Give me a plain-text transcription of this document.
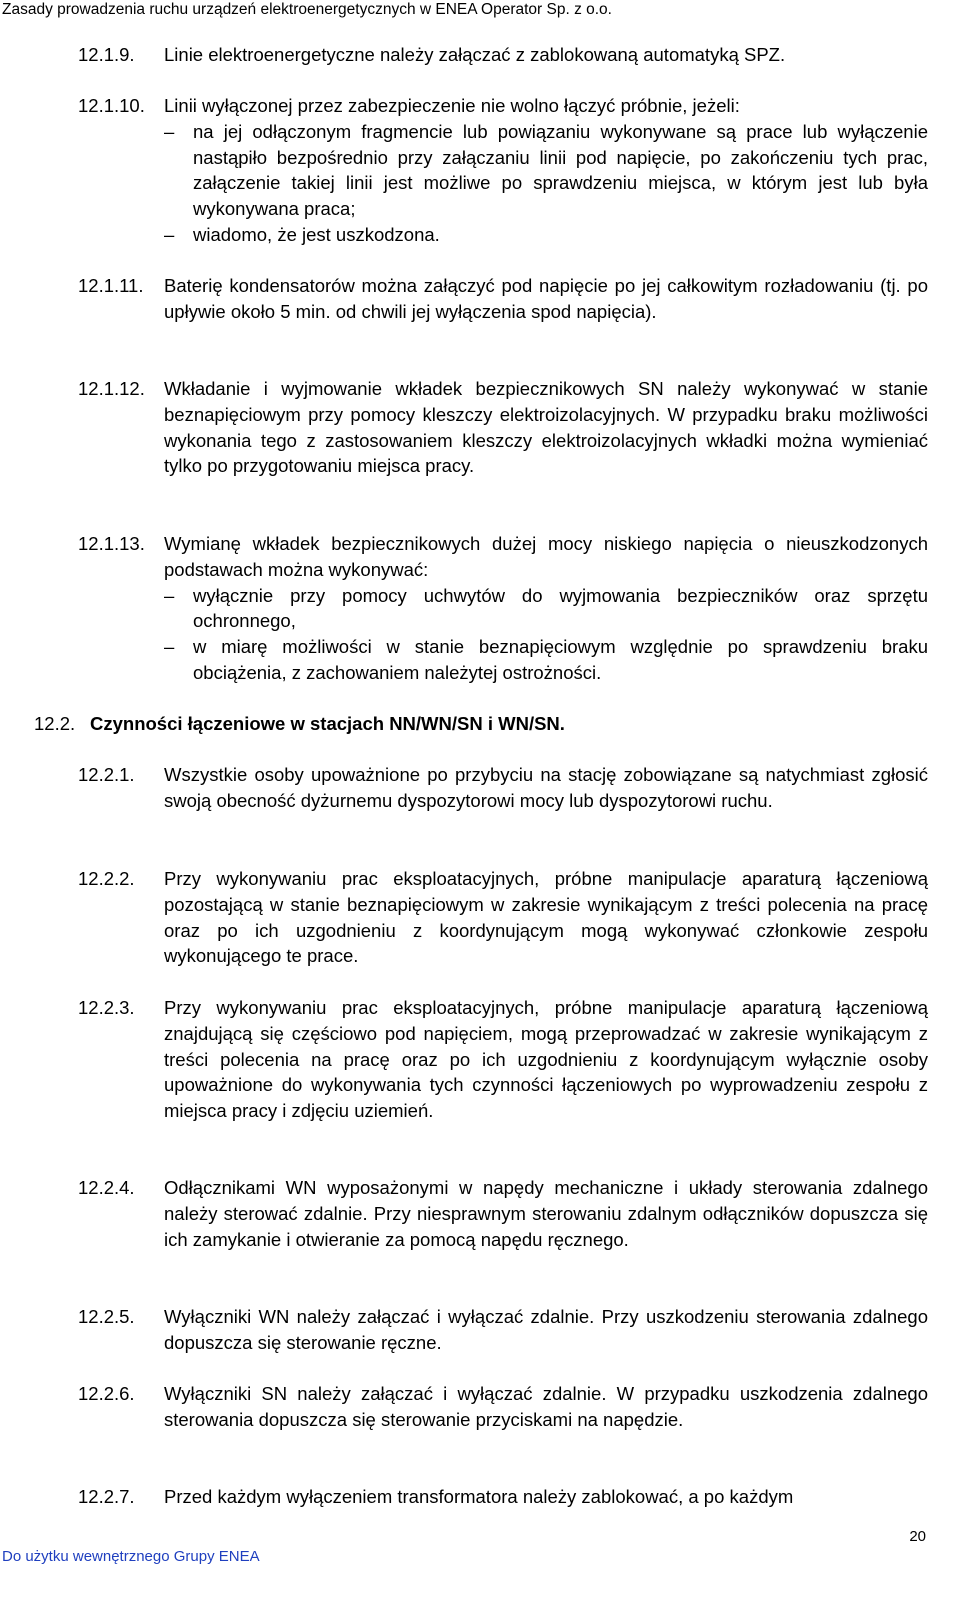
Zasady prowadzenia ruchu urządzeń elektroenergetycznych w ENEA Operator Sp. z o.o.
12.1.9. Linie elektroenergetyczne należy załączać z zablokowaną automatyką SPZ.

12.1.10. Linii wyłączonej przez zabezpieczenie nie wolno łączyć próbnie, jeżeli:

– na jej odłączonym fragmencie lub powiązaniu wykonywane są prace lub wyłączenie nastąpiło bezpośrednio przy załączaniu linii pod napięcie, po zakończeniu tych prac, załączenie takiej linii jest możliwe po sprawdzeniu miejsca, w którym jest lub była wykonywana praca;
– wiadomo, że jest uszkodzona.
12.1.11. Baterię kondensatorów można załączyć pod napięcie po jej całkowitym rozładowaniu (tj. po upływie około 5 min. od chwili jej wyłączenia spod napięcia).

12.1.12. Wkładanie i wyjmowanie wkładek bezpiecznikowych SN należy wykonywać w stanie beznapięciowym przy pomocy kleszczy elektroizolacyjnych. W przypadku braku możliwości wykonania tego z zastosowaniem kleszczy elektroizolacyjnych wkładki można wymieniać tylko po przygotowaniu miejsca pracy.

12.1.13. Wymianę wkładek bezpiecznikowych dużej mocy niskiego napięcia o nieuszkodzonych podstawach można wykonywać:

– wyłącznie przy pomocy uchwytów do wyjmowania bezpieczników oraz sprzętu ochronnego,
– w miarę możliwości w stanie beznapięciowym względnie po sprawdzeniu braku obciążenia, z zachowaniem należytej ostrożności.
12.2. Czynności łączeniowe w stacjach NN/WN/SN i WN/SN.
12.2.1. Wszystkie osoby upoważnione po przybyciu na stację zobowiązane są natychmiast zgłosić swoją obecność dyżurnemu dyspozytorowi mocy lub dyspozytorowi ruchu.

12.2.2. Przy wykonywaniu prac eksploatacyjnych, próbne manipulacje aparaturą łączeniową pozostającą w stanie beznapięciowym w zakresie wynikającym z treści polecenia na pracę oraz po ich uzgodnieniu z koordynującym mogą wykonywać członkowie zespołu wykonującego te prace.

12.2.3. Przy wykonywaniu prac eksploatacyjnych, próbne manipulacje aparaturą łączeniową znajdującą się częściowo pod napięciem, mogą przeprowadzać w zakresie wynikającym z treści polecenia na pracę oraz po ich uzgodnieniu z koordynującym wyłącznie osoby upoważnione do wykonywania tych czynności łączeniowych po wyprowadzeniu zespołu z miejsca pracy i zdjęciu uziemień.

12.2.4. Odłącznikami WN wyposażonymi w napędy mechaniczne i układy sterowania zdalnego należy sterować zdalnie. Przy niesprawnym sterowaniu zdalnym odłączników dopuszcza się ich zamykanie i otwieranie za pomocą napędu ręcznego.

12.2.5. Wyłączniki WN należy załączać i wyłączać zdalnie. Przy uszkodzeniu sterowania zdalnego dopuszcza się sterowanie ręczne.

12.2.6. Wyłączniki SN należy załączać i wyłączać zdalnie. W przypadku uszkodzenia zdalnego sterowania dopuszcza się sterowanie przyciskami na napędzie.

12.2.7. Przed każdym wyłączeniem transformatora należy zablokować, a po każdym

20
Do użytku wewnętrznego Grupy ENEA
